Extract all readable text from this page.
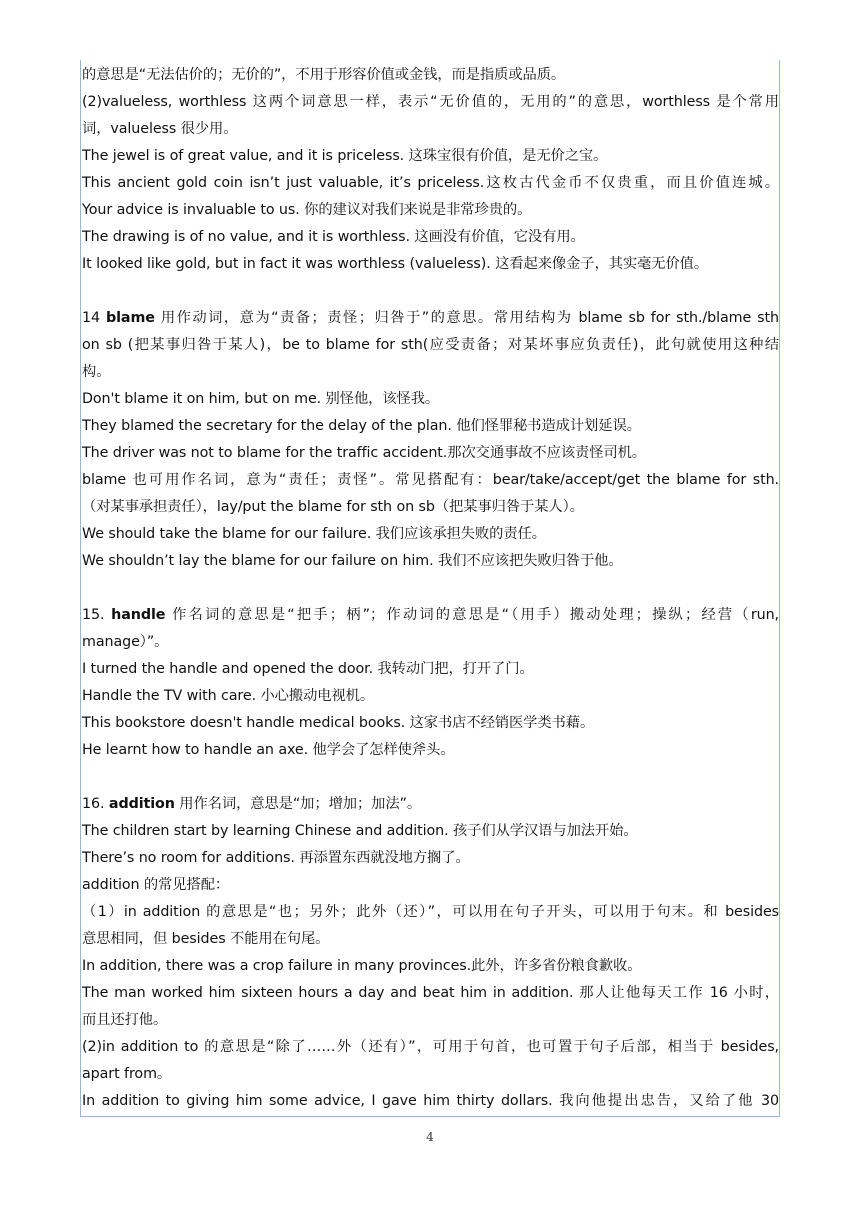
的意思是“无法估价的；无价的”，不用于形容价值或金钱，而是指质或品质。
(2)valueless, worthless 这两个词意思一样，表示“无价值的，无用的”的意思，worthless 是个常用
词，valueless 很少用。
The jewel is of great value, and it is priceless. 这珠宝很有价值，是无价之宝。
This ancient gold coin isn’t just valuable, it’s priceless.这枚古代金币不仅贵重，而且价值连城。
Your advice is invaluable to us. 你的建议对我们来说是非常珍贵的。
The drawing is of no value, and it is worthless. 这画没有价值，它没有用。
It looked like gold, but in fact it was worthless (valueless). 这看起来像金子，其实毫无价值。
14 blame 用作动词，意为“责备；责怪；归咎于”的意思。常用结构为 blame sb for sth./blame sth
on sb (把某事归咎于某人)，be to blame for sth(应受责备；对某坏事应负责任)，此句就使用这种结
构。
Don't blame it on him, but on me. 别怪他，该怪我。
They blamed the secretary for the delay of the plan. 他们怪罪秘书造成计划延误。
The driver was not to blame for the traffic accident.那次交通事故不应该责怪司机。
blame 也可用作名词，意为“责任；责怪”。常见搭配有：bear/take/accept/get the blame for sth.
（对某事承担责任），lay/put the blame for sth on sb（把某事归咎于某人）。
We should take the blame for our failure. 我们应该承担失败的责任。
We shouldn’t lay the blame for our failure on him. 我们不应该把失败归咎于他。
15. handle 作名词的意思是“把手；柄”；作动词的意思是“（用手）搬动处理；操纵；经营（run,
manage）”。
I turned the handle and opened the door. 我转动门把，打开了门。
Handle the TV with care. 小心搬动电视机。
This bookstore doesn't handle medical books. 这家书店不经销医学类书藉。
He learnt how to handle an axe. 他学会了怎样使斧头。
16. addition 用作名词，意思是“加；增加；加法”。
The children start by learning Chinese and addition. 孩子们从学汉语与加法开始。
There’s no room for additions. 再添置东西就没地方搁了。
addition 的常见搭配：
（1）in addition 的意思是“也；另外；此外（还）”，可以用在句子开头，可以用于句末。和 besides
意思相同，但 besides 不能用在句尾。
In addition, there was a crop failure in many provinces.此外，许多省份粮食歉收。
The man worked him sixteen hours a day and beat him in addition. 那人让他每天工作 16 小时，
而且还打他。
(2)in addition to 的意思是“除了……外（还有）”，可用于句首，也可置于句子后部，相当于 besides,
apart from。
In addition to giving him some advice, I gave him thirty dollars. 我向他提出忠告，又给了他 30
4
